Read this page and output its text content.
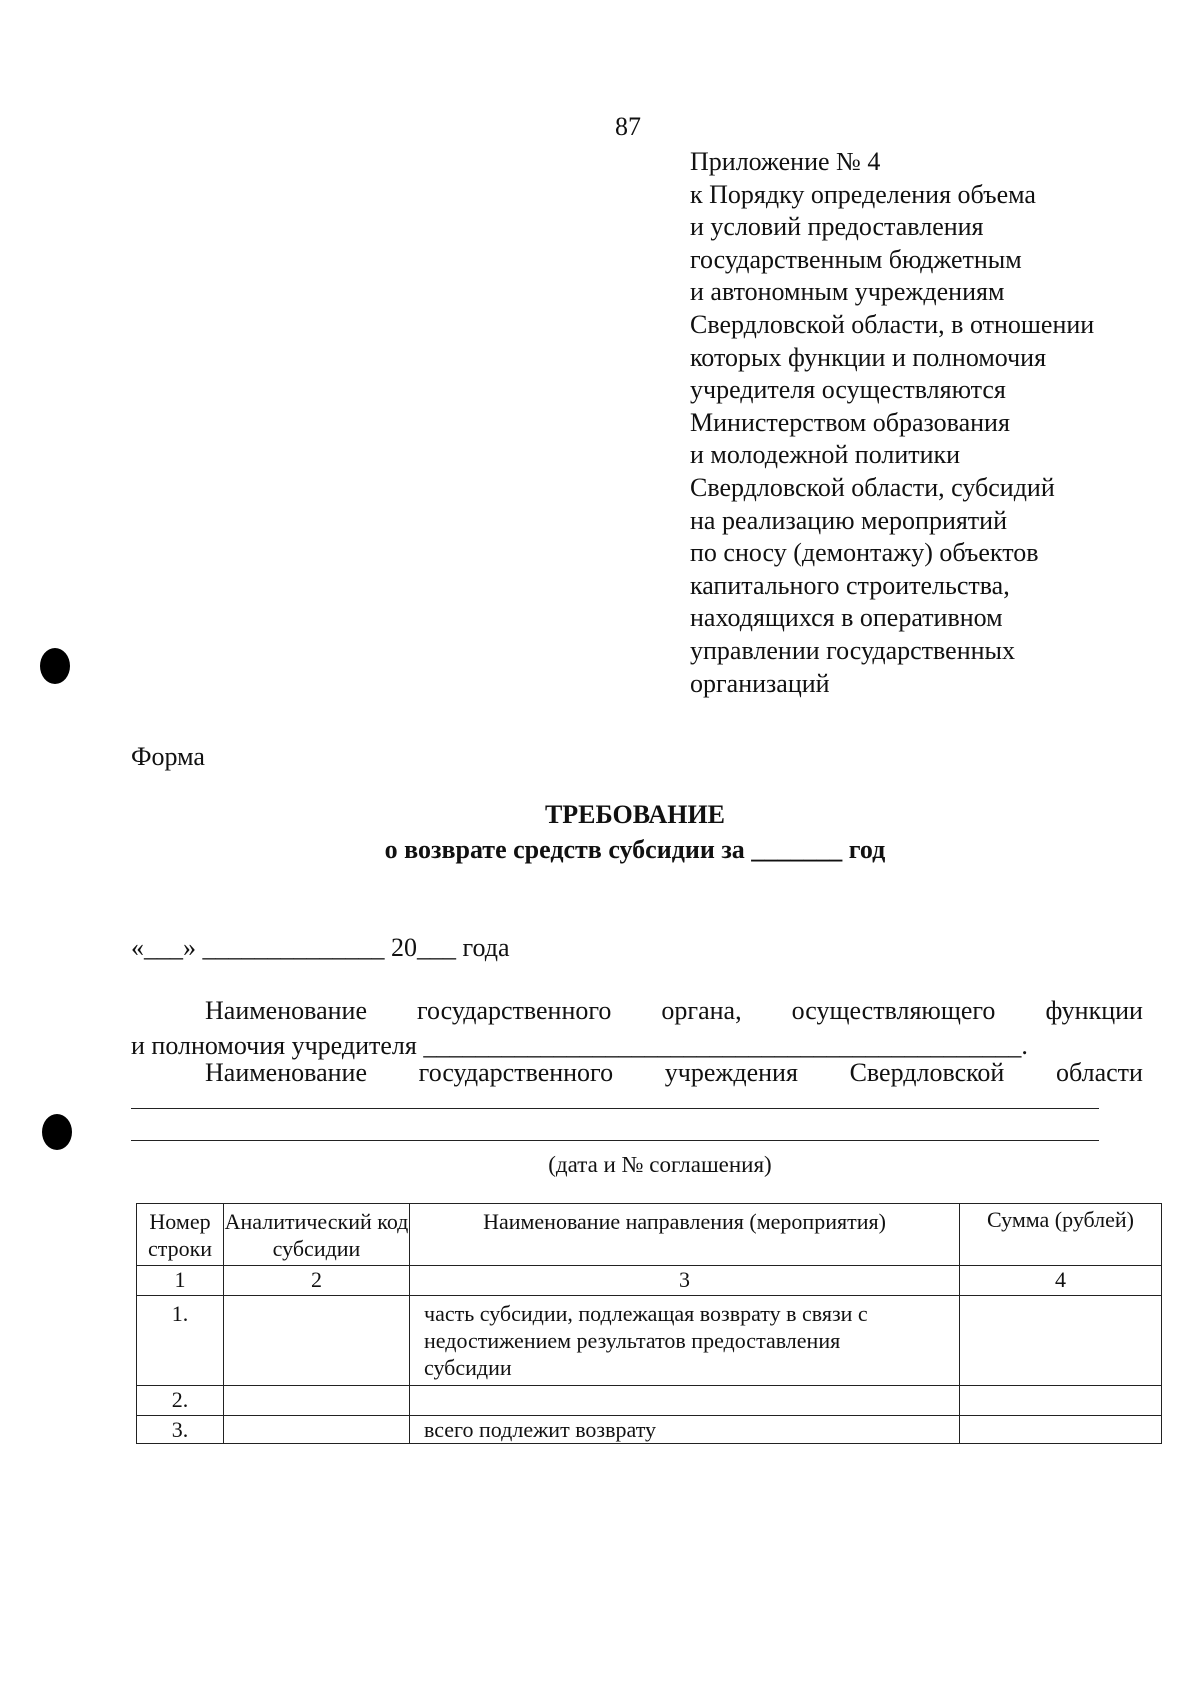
87
Приложение № 4
к Порядку определения объема
и условий предоставления
государственным бюджетным
и автономным учреждениям
Свердловской области, в отношении
которых функции и полномочия
учредителя осуществляются
Министерством образования
и молодежной политики
Свердловской области, субсидий
на реализацию мероприятий
по сносу (демонтажу) объектов
капитального строительства,
находящихся в оперативном
управлении государственных
организаций
Форма
ТРЕБОВАНИЕ
о возврате средств субсидии за _______ год
«___» ______________ 20___ года
Наименование государственного органа, осуществляющего функции
и полномочия учредителя ______________________________________________.
Наименование государственного учреждения Свердловской области
(дата и № соглашения)
Номер строки	Аналитический код субсидии	Наименование направления (мероприятия)	Сумма (рублей)
1	2	3	4
1.		часть субсидии, подлежащая возврату в связи с недостижением результатов предоставления субсидии	
2.			
3.		всего подлежит возврату	
